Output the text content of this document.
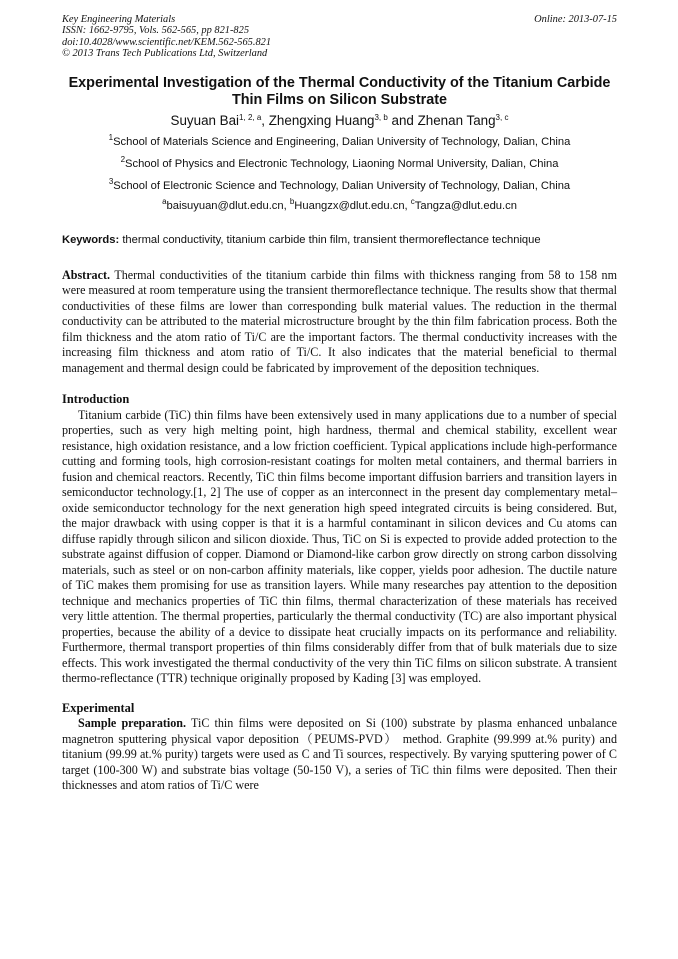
Key Engineering Materials
ISSN: 1662-9795, Vols. 562-565, pp 821-825
doi:10.4028/www.scientific.net/KEM.562-565.821
© 2013 Trans Tech Publications Ltd, Switzerland
Online: 2013-07-15
Experimental Investigation of the Thermal Conductivity of the Titanium Carbide Thin Films on Silicon Substrate
Suyuan Bai$^{1, 2, a}$, Zhengxing Huang$^{3, b}$ and Zhenan Tang$^{3, c}$
$^1$School of Materials Science and Engineering, Dalian University of Technology, Dalian, China
$^2$School of Physics and Electronic Technology, Liaoning Normal University, Dalian, China
$^3$School of Electronic Science and Technology, Dalian University of Technology, Dalian, China
$^a$baisuyuan@dlut.edu.cn, $^b$Huangzx@dlut.edu.cn, $^c$Tangza@dlut.edu.cn
Keywords: thermal conductivity, titanium carbide thin film, transient thermoreflectance technique
Abstract. Thermal conductivities of the titanium carbide thin films with thickness ranging from 58 to 158 nm were measured at room temperature using the transient thermoreflectance technique. The results show that thermal conductivities of these films are lower than corresponding bulk material values. The reduction in the thermal conductivity can be attributed to the material microstructure brought by the thin film fabrication process. Both the film thickness and the atom ratio of Ti/C are the important factors. The thermal conductivity increases with the increasing film thickness and atom ratio of Ti/C. It also indicates that the material beneficial to thermal management and thermal design could be fabricated by improvement of the deposition techniques.
Introduction

Titanium carbide (TiC) thin films have been extensively used in many applications due to a number of special properties, such as very high melting point, high hardness, thermal and chemical stability, excellent wear resistance, high oxidation resistance, and a low friction coefficient. Typical applications include high-performance cutting and forming tools, high corrosion-resistant coatings for molten metal containers, and thermal barriers in fusion and chemical reactors. Recently, TiC thin films become important diffusion barriers and transition layers in semiconductor technology.[1, 2] The use of copper as an interconnect in the present day complementary metal–oxide semiconductor technology for the next generation high speed integrated circuits is being considered. But, the major drawback with using copper is that it is a harmful contaminant in silicon devices and Cu atoms can diffuse rapidly through silicon and silicon dioxide. Thus, TiC on Si is expected to provide added protection to the substrate against diffusion of copper. Diamond or Diamond-like carbon grow directly on strong carbon dissolving materials, such as steel or on non-carbon affinity materials, like copper, yields poor adhesion. The ductile nature of TiC makes them promising for use as transition layers. While many researches pay attention to the deposition technique and mechanics properties of TiC thin films, thermal characterization of these materials has received very little attention. The thermal properties, particularly the thermal conductivity (TC) are also important physical properties, because the ability of a device to dissipate heat crucially impacts on its performance and reliability. Furthermore, thermal transport properties of thin films considerably differ from that of bulk materials due to size effects. This work investigated the thermal conductivity of the very thin TiC films on silicon substrate. A transient thermo-reflectance (TTR) technique originally proposed by Kading [3] was employed.

Experimental

Sample preparation. TiC thin films were deposited on Si (100) substrate by plasma enhanced unbalance magnetron sputtering physical vapor deposition（PEUMS-PVD） method. Graphite (99.999 at.% purity) and titanium (99.99 at.% purity) targets were used as C and Ti sources, respectively. By varying sputtering power of C target (100-300 W) and substrate bias voltage (50-150 V), a series of TiC thin films were deposited. Then their thicknesses and atom ratios of Ti/C were
